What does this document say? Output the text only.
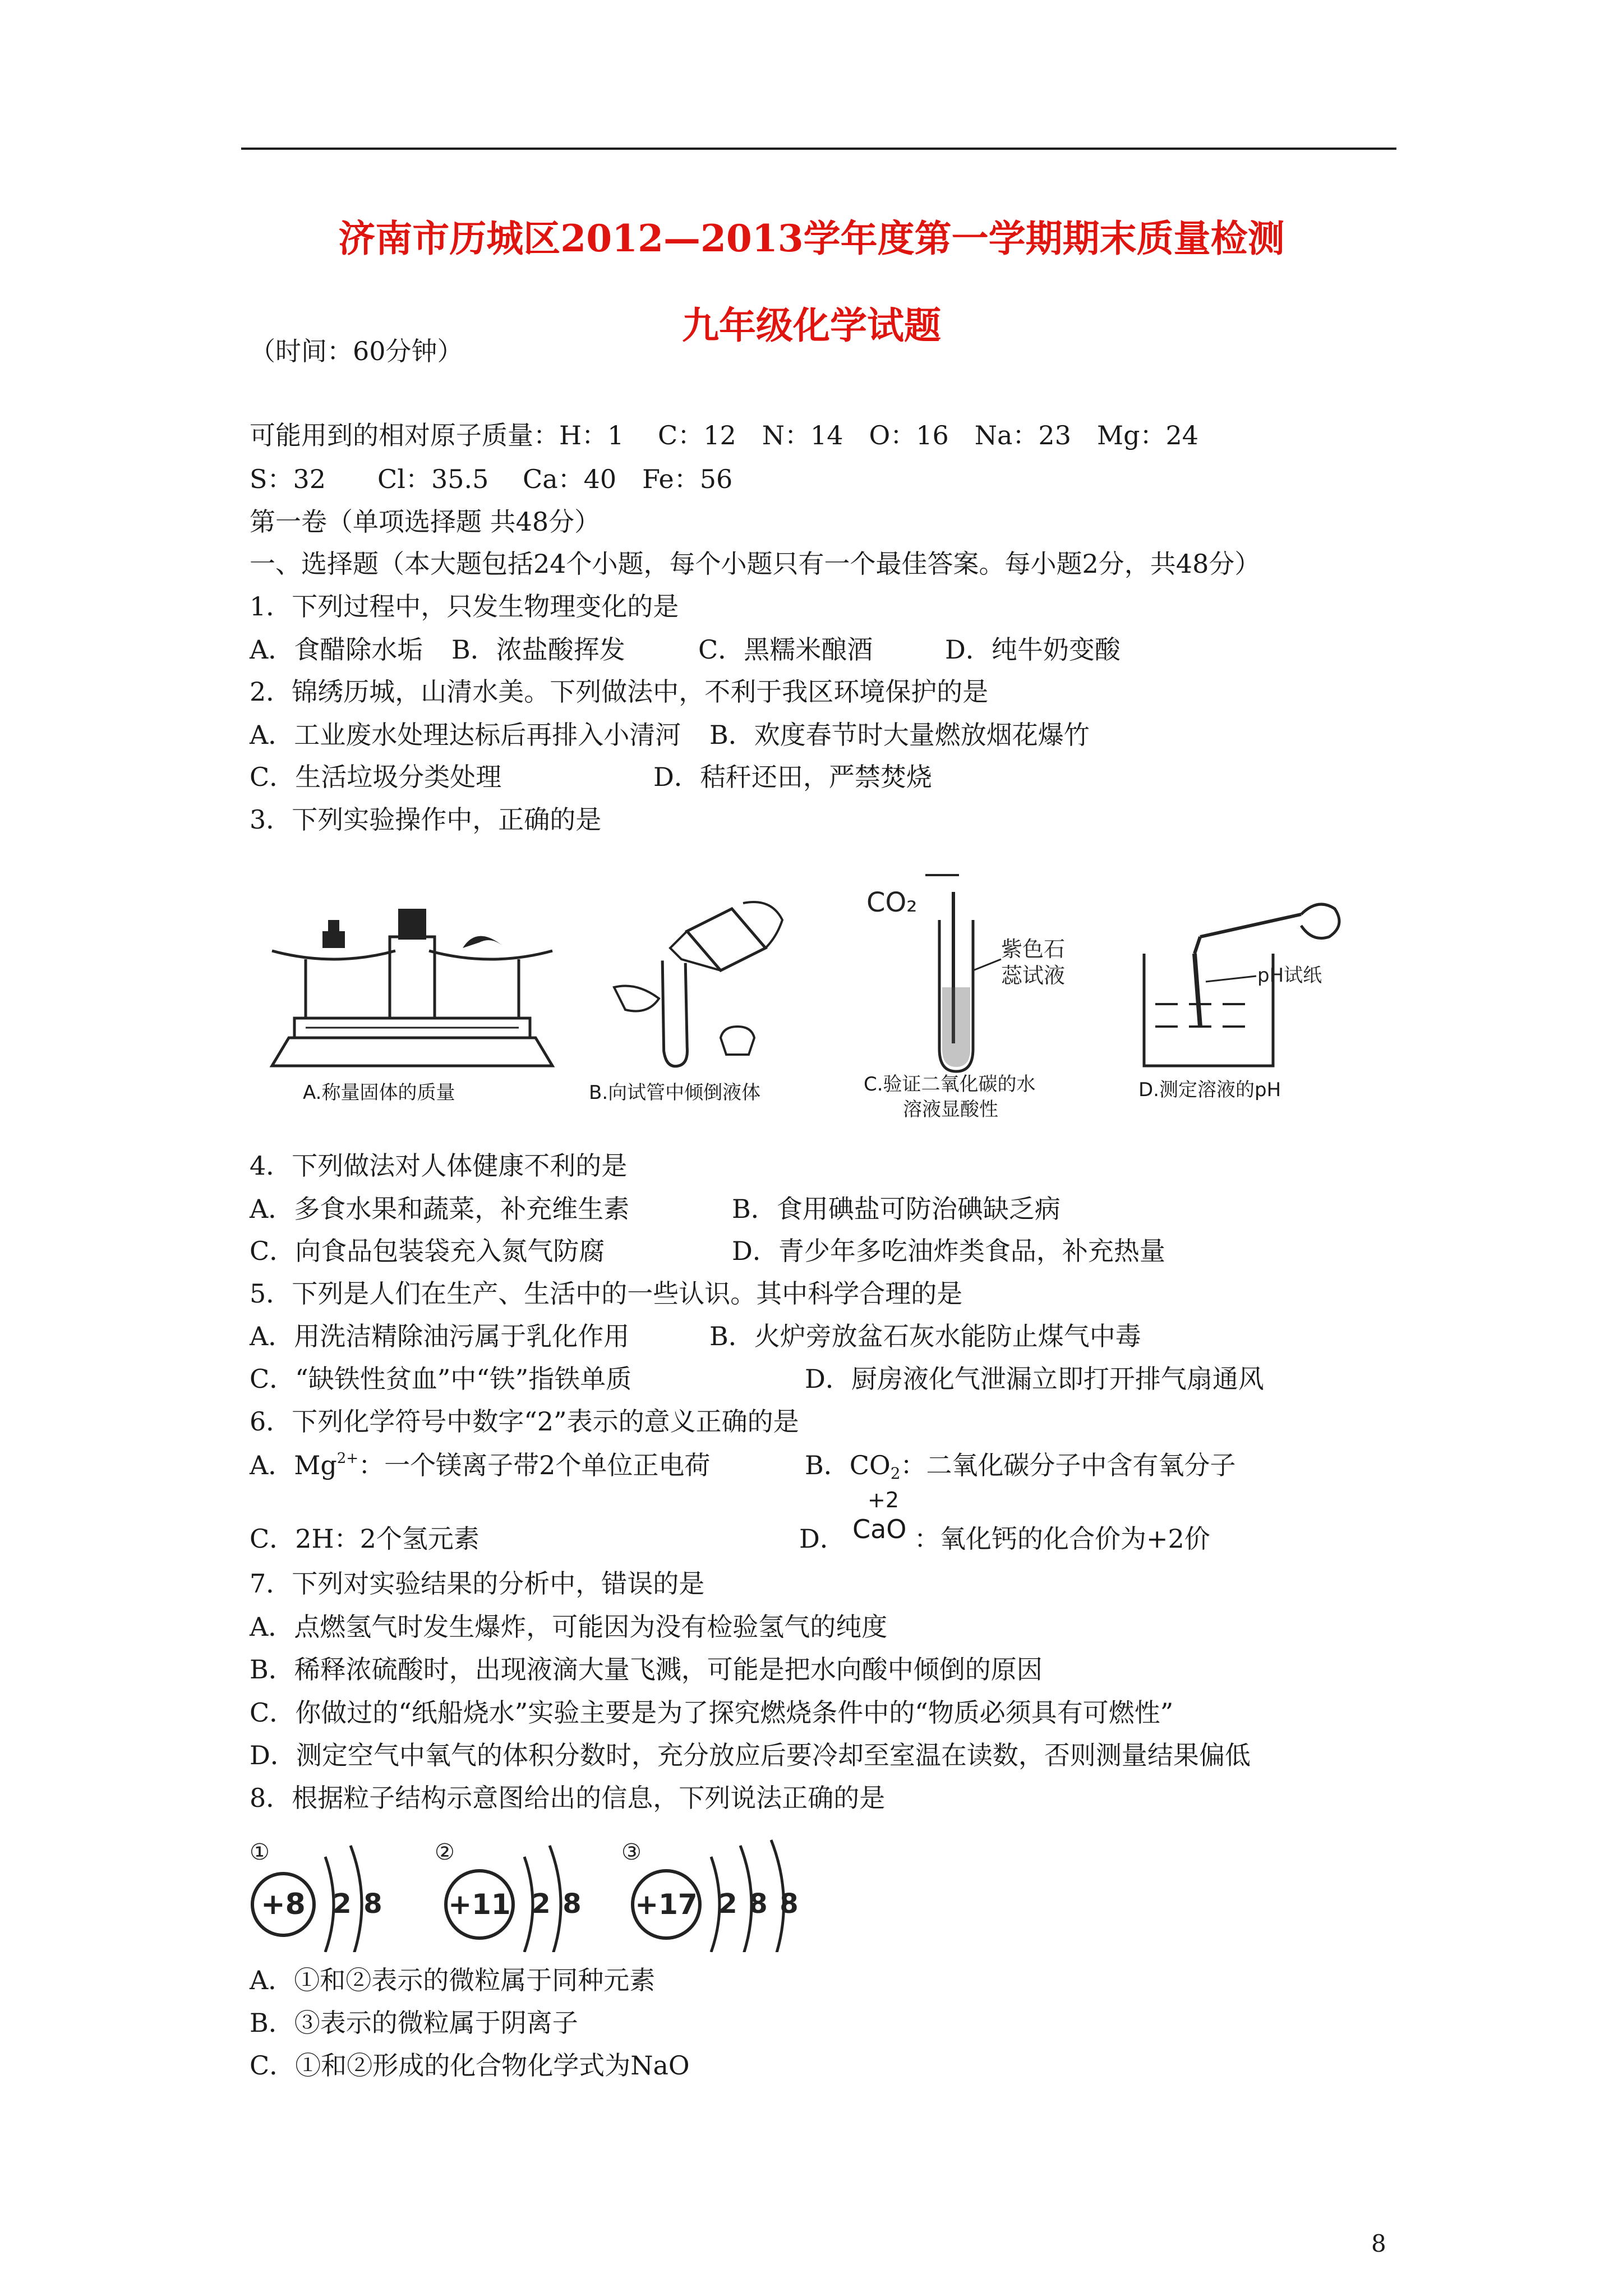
济南市历城区2012—2013学年度第一学期期末质量检测
九年级化学试题
（时间：60分钟）
可能用到的相对原子质量：H：1　 C：12　N：14　O：16　Na：23　Mg：24
S：32　　Cl：35.5　 Ca：40　Fe：56
第一卷（单项选择题 共48分）
一、选择题（本大题包括24个小题，每个小题只有一个最佳答案。每小题2分，共48分）
1．下列过程中，只发生物理变化的是
A．食醋除水垢 B．浓盐酸挥发	C．黑糯米酿酒	D．纯牛奶变酸
2．锦绣历城，山清水美。下列做法中，不利于我区环境保护的是
A．工业废水处理达标后再排入小清河 B．欢度春节时大量燃放烟花爆竹
C．生活垃圾分类处理	D．秸秆还田，严禁焚烧
3．下列实验操作中，正确的是
A.称量固体的质量	B.向试管中倾倒液体
CO₂
紫色石
蕊试液
C.验证二氧化碳的水
溶液显酸性
pH试纸
D.测定溶液的pH
4．下列做法对人体健康不利的是
A．多食水果和蔬菜，补充维生素	B．食用碘盐可防治碘缺乏病
C．向食品包装袋充入氮气防腐	D．青少年多吃油炸类食品，补充热量
5．下列是人们在生产、生活中的一些认识。其中科学合理的是
A．用洗洁精除油污属于乳化作用	B．火炉旁放盆石灰水能防止煤气中毒
C．“缺铁性贫血”中“铁”指铁单质	D．厨房液化气泄漏立即打开排气扇通风
6．下列化学符号中数字“2”表示的意义正确的是
A．$Mg^{2+}$：一个镁离子带2个单位正电荷	B．$CO_2$：二氧化碳分子中含有氧分子
C．2H：2个氢元素	D．
+2
CaO ：氧化钙的化合价为+2价
7．下列对实验结果的分析中，错误的是
A．点燃氢气时发生爆炸，可能因为没有检验氢气的纯度
B．稀释浓硫酸时，出现液滴大量飞溅，可能是把水向酸中倾倒的原因
C．你做过的“纸船烧水”实验主要是为了探究燃烧条件中的“物质必须具有可燃性”
D．测定空气中氧气的体积分数时，充分放应后要冷却至室温在读数，否则测量结果偏低
8．根据粒子结构示意图给出的信息，下列说法正确的是
①
+8 2 8
②
+11 2 8
③
+17 2 8 8
A．①和②表示的微粒属于同种元素
B．③表示的微粒属于阴离子
C．①和②形成的化合物化学式为NaO
8
